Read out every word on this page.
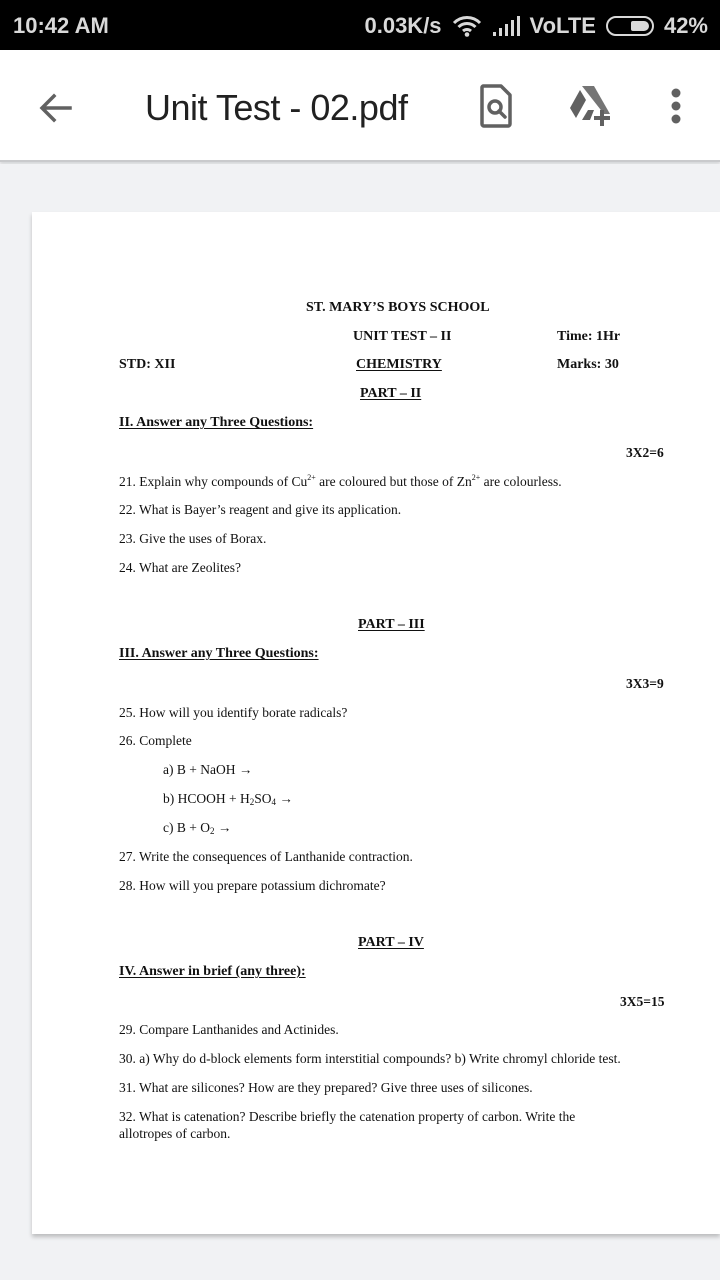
10:42 AM	0.03K/s	VoLTE	42%
Unit Test - 02.pdf
ST. MARY’S BOYS SCHOOL
UNIT TEST – II	Time: 1Hr
STD: XII	CHEMISTRY	Marks: 30
PART – II
II. Answer any Three Questions:
3X2=6
21. Explain why compounds of $Cu^{2+}$ are coloured but those of $Zn^{2+}$ are colourless.
22. What is Bayer’s reagent and give its application.
23. Give the uses of Borax.
24. What are Zeolites?
PART – III
III. Answer any Three Questions:
3X3=9
25. How will you identify borate radicals?
26. Complete
a) B + NaOH →
b) HCOOH + $H_2SO_4$ →
c) $B + O_2$ →
27. Write the consequences of Lanthanide contraction.
28. How will you prepare potassium dichromate?
PART – IV
IV. Answer in brief (any three):
3X5=15
29. Compare Lanthanides and Actinides.
30. a) Why do d-block elements form interstitial compounds? b) Write chromyl chloride test.
31. What are silicones? How are they prepared? Give three uses of silicones.
32. What is catenation? Describe briefly the catenation property of carbon. Write the
allotropes of carbon.
